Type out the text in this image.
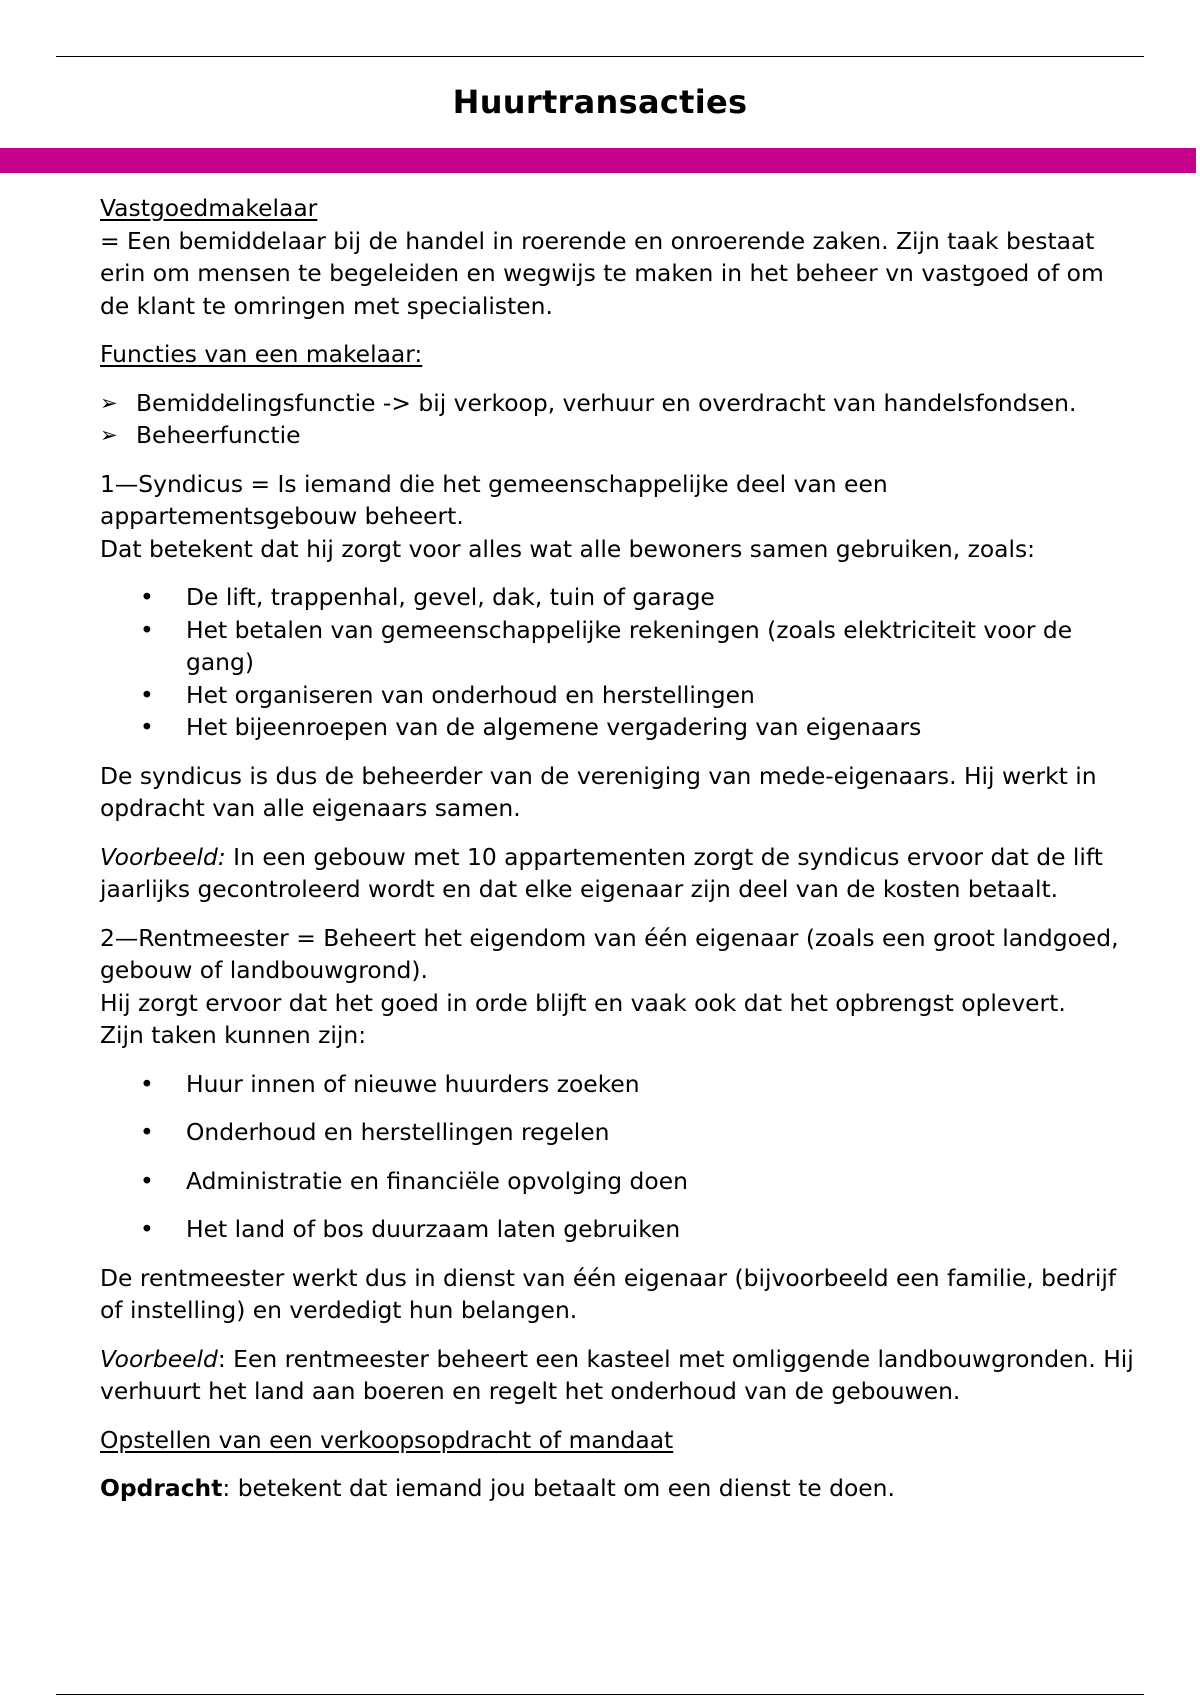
Huurtransacties

Vastgoedmakelaar

= Een bemiddelaar bij de handel in roerende en onroerende zaken. Zijn taak bestaat erin om mensen te begeleiden en wegwijs te maken in het beheer vn vastgoed of om de klant te omringen met specialisten.

Functies van een makelaar:

➢ Bemiddelingsfunctie -> bij verkoop, verhuur en overdracht van handelsfondsen.
➢ Beheerfunctie

1—Syndicus = Is iemand die het gemeenschappelijke deel van een appartementsgebouw beheert.

Dat betekent dat hij zorgt voor alles wat alle bewoners samen gebruiken, zoals:

• De lift, trappenhal, gevel, dak, tuin of garage
• Het betalen van gemeenschappelijke rekeningen (zoals elektriciteit voor de gang)
• Het organiseren van onderhoud en herstellingen
• Het bijeenroepen van de algemene vergadering van eigenaars

De syndicus is dus de beheerder van de vereniging van mede-eigenaars. Hij werkt in opdracht van alle eigenaars samen.

Voorbeeld: In een gebouw met 10 appartementen zorgt de syndicus ervoor dat de lift jaarlijks gecontroleerd wordt en dat elke eigenaar zijn deel van de kosten betaalt.

2—Rentmeester = Beheert het eigendom van één eigenaar (zoals een groot landgoed, gebouw of landbouwgrond).

Hij zorgt ervoor dat het goed in orde blijft en vaak ook dat het opbrengst oplevert.

Zijn taken kunnen zijn:

• Huur innen of nieuwe huurders zoeken
• Onderhoud en herstellingen regelen
• Administratie en financiële opvolging doen
• Het land of bos duurzaam laten gebruiken

De rentmeester werkt dus in dienst van één eigenaar (bijvoorbeeld een familie, bedrijf of instelling) en verdedigt hun belangen.

Voorbeeld: Een rentmeester beheert een kasteel met omliggende landbouwgronden. Hij verhuurt het land aan boeren en regelt het onderhoud van de gebouwen.

Opstellen van een verkoopsopdracht of mandaat

Opdracht: betekent dat iemand jou betaalt om een dienst te doen.
